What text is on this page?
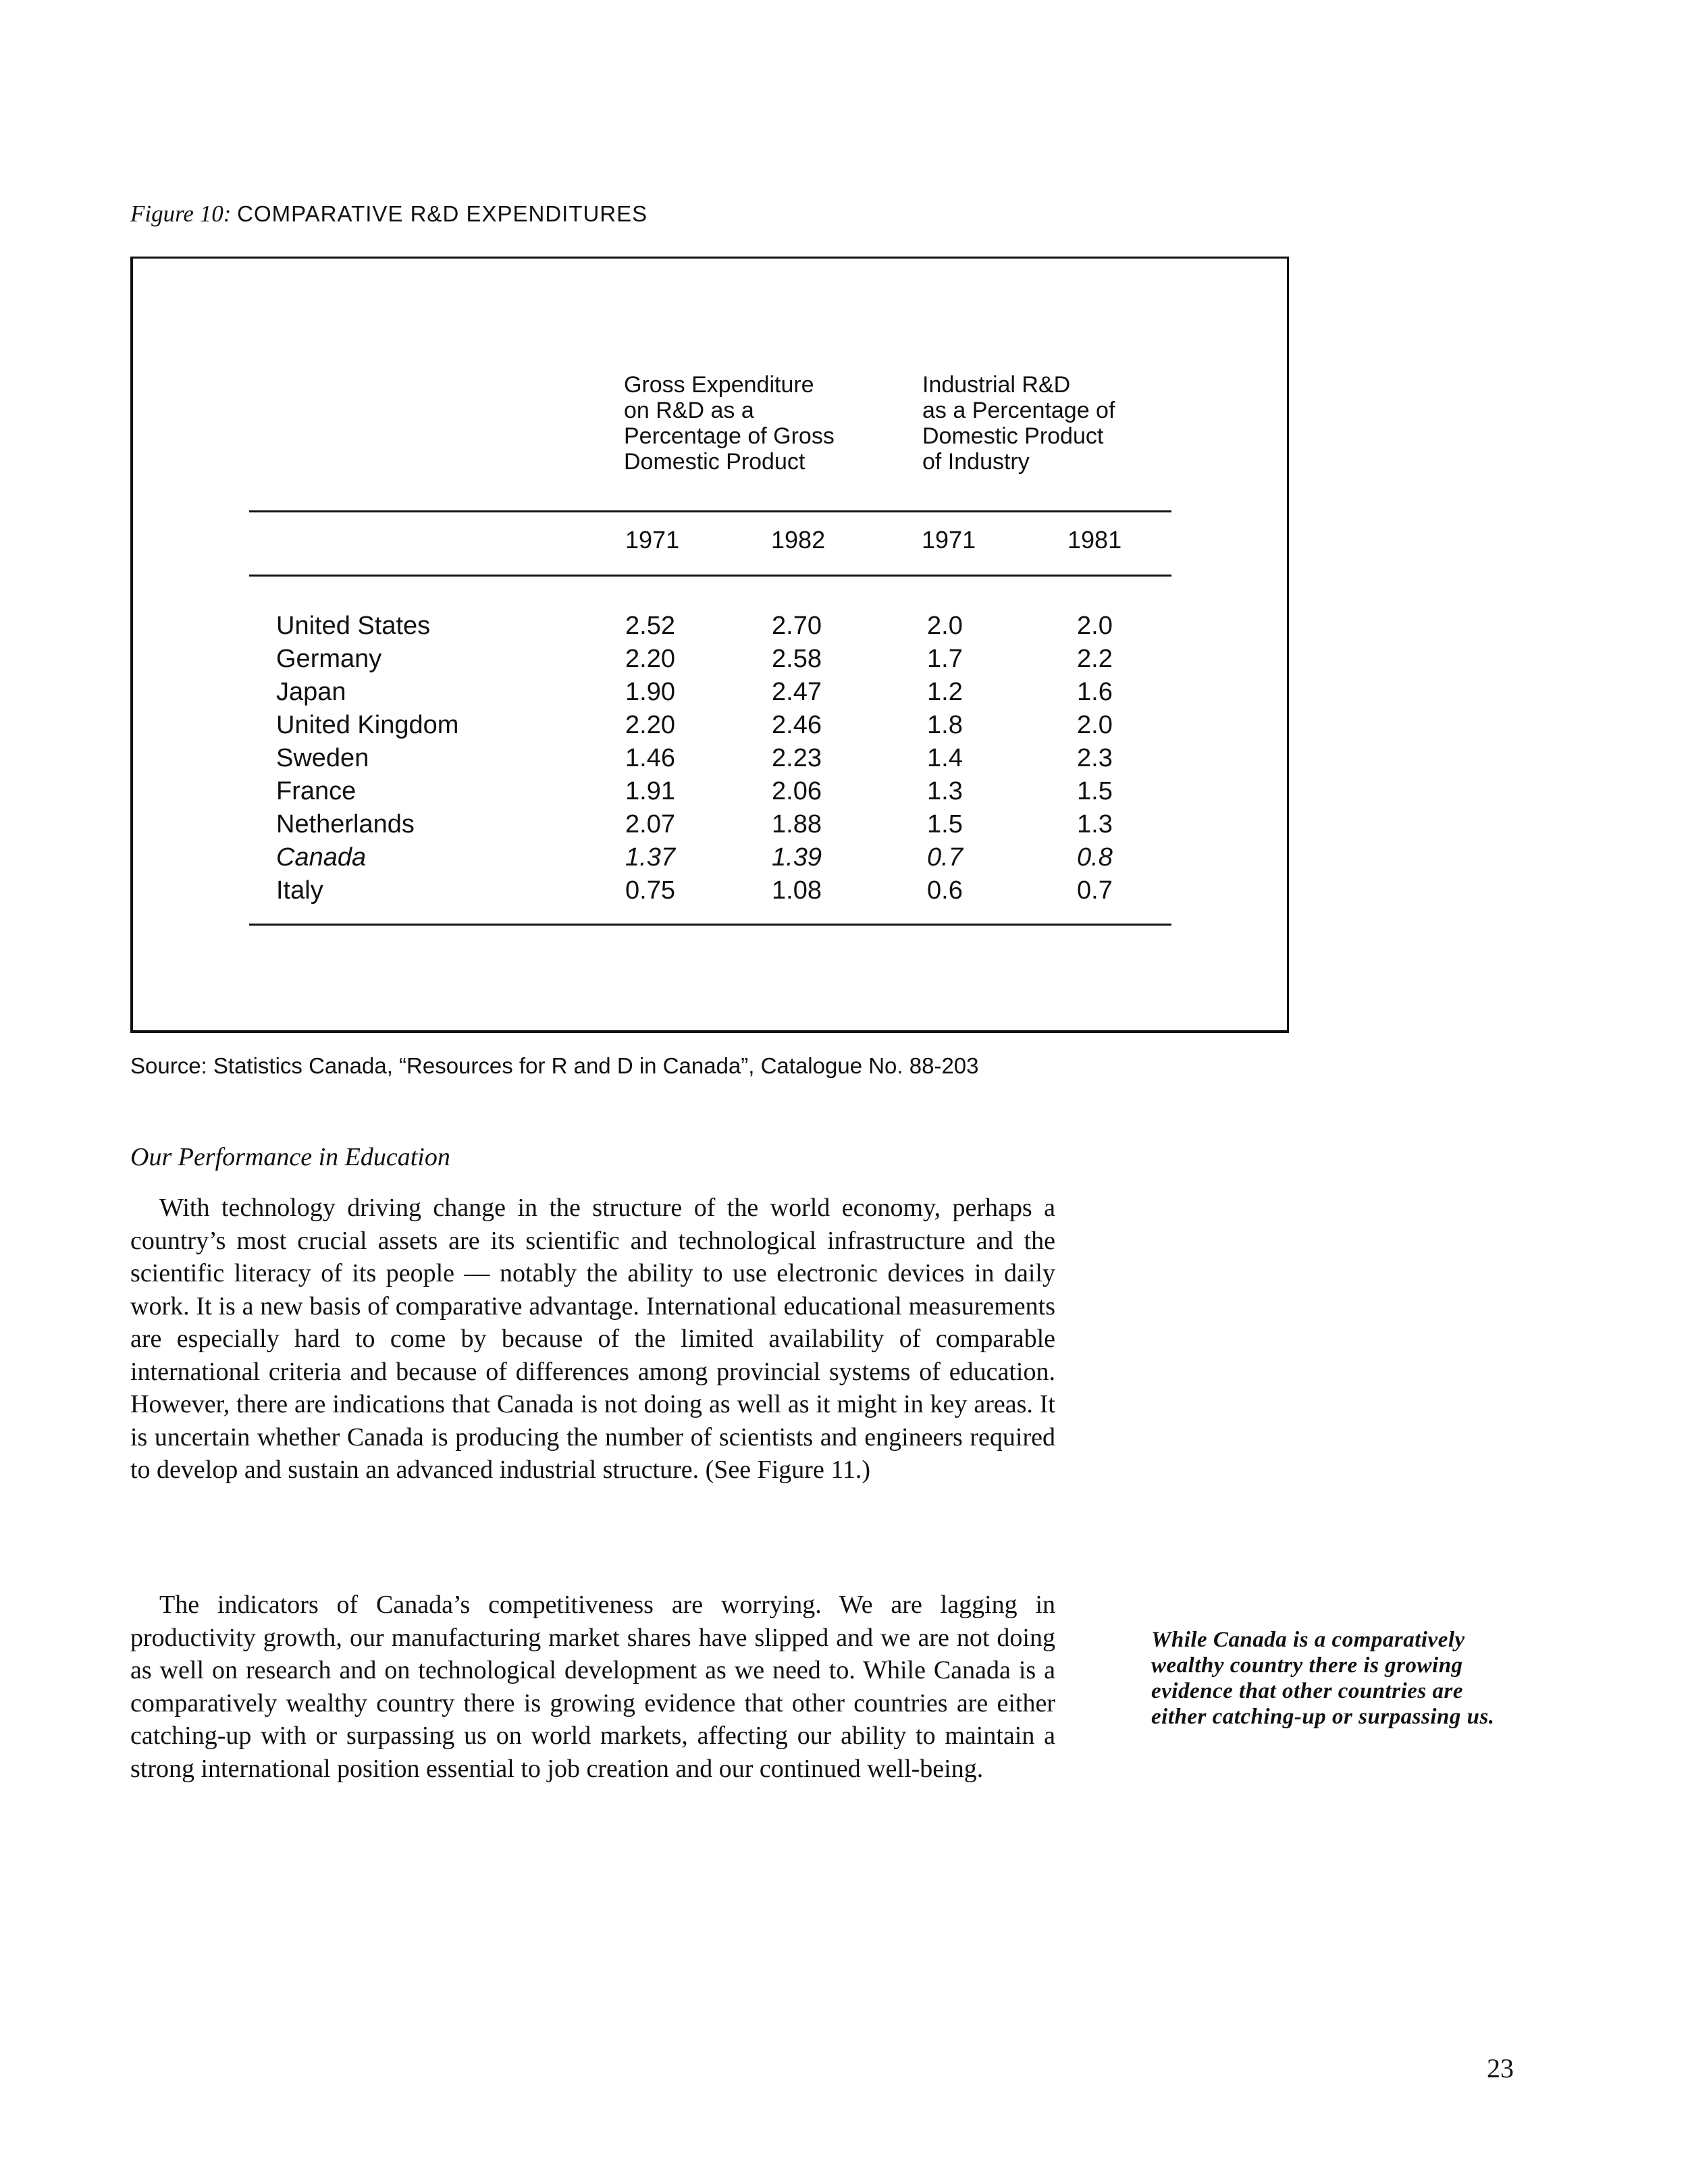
Figure 10: COMPARATIVE R&D EXPENDITURES
Gross Expenditure
on R&D as a
Percentage of Gross
Domestic Product
Industrial R&D
as a Percentage of
Domestic Product
of Industry
1971	1982	1971	1981
United States	2.52	2.70	2.0	2.0
Germany	2.20	2.58	1.7	2.2
Japan	1.90	2.47	1.2	1.6
United Kingdom	2.20	2.46	1.8	2.0
Sweden	1.46	2.23	1.4	2.3
France	1.91	2.06	1.3	1.5
Netherlands	2.07	1.88	1.5	1.3
Canada	1.37	1.39	0.7	0.8
Italy	0.75	1.08	0.6	0.7
Source: Statistics Canada, “Resources for R and D in Canada”, Catalogue No. 88-203
Our Performance in Education

With technology driving change in the structure of the world economy, perhaps a country’s most crucial assets are its scientific and technological infrastructure and the scientific literacy of its people — notably the ability to use electronic devices in daily work. It is a new basis of comparative advantage. International educational measurements are especially hard to come by because of the limited availability of comparable international criteria and because of differences among provincial systems of education. However, there are indications that Canada is not doing as well as it might in key areas. It is uncertain whether Canada is producing the number of scientists and engineers required to develop and sustain an advanced industrial structure. (See Figure 11.)

The indicators of Canada’s competitiveness are worrying. We are lagging in productivity growth, our manufacturing market shares have slipped and we are not doing as well on research and on technological development as we need to. While Canada is a comparatively wealthy country there is growing evidence that other countries are either catching-up with or surpassing us on world markets, affecting our ability to maintain a strong international position essential to job creation and our continued well-being.

While Canada is a comparatively wealthy country there is growing evidence that other countries are either catching-up or surpassing us.
23
